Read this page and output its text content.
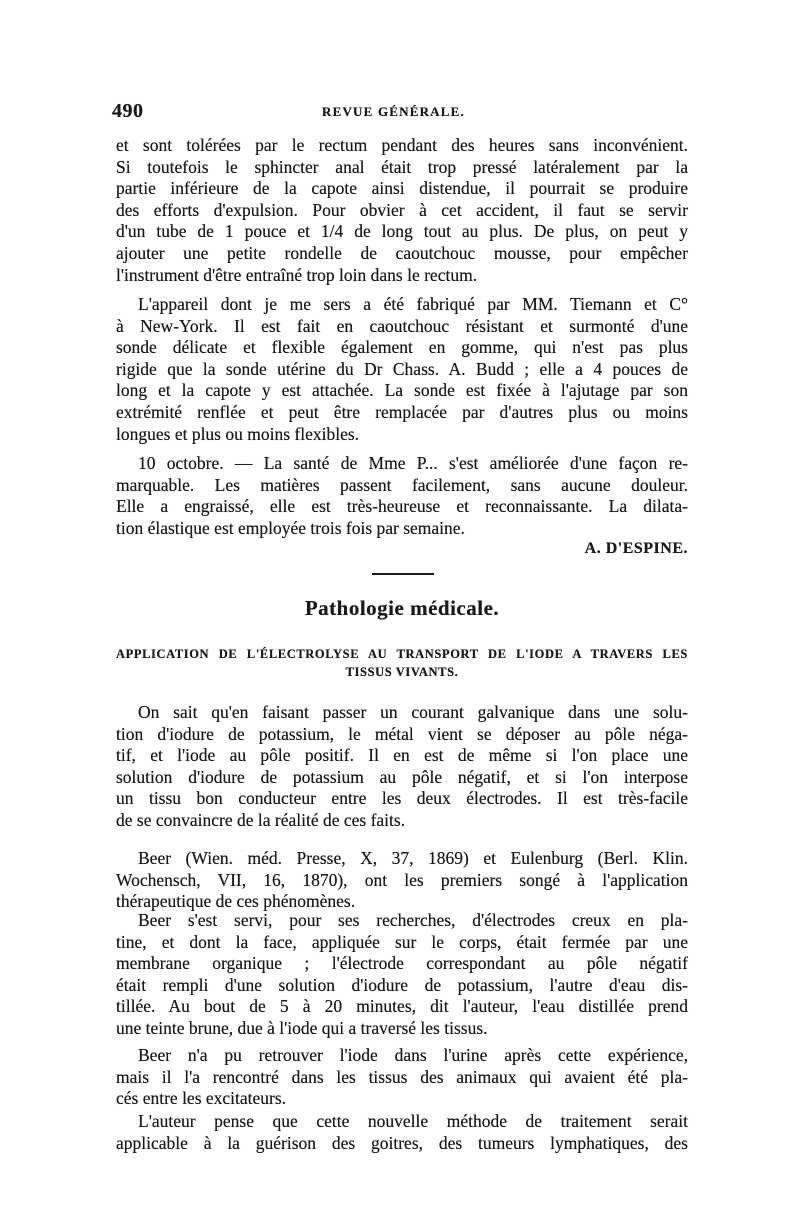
490	REVUE GÉNÉRALE.
et sont tolérées par le rectum pendant des heures sans inconvénient.
Si toutefois le sphincter anal était trop pressé latéralement par la
partie inférieure de la capote ainsi distendue, il pourrait se produire
des efforts d'expulsion. Pour obvier à cet accident, il faut se servir
d'un tube de 1 pouce et 1/4 de long tout au plus. De plus, on peut y
ajouter une petite rondelle de caoutchouc mousse, pour empêcher
l'instrument d'être entraîné trop loin dans le rectum.
L'appareil dont je me sers a été fabriqué par MM. Tiemann et C°
à New-York. Il est fait en caoutchouc résistant et surmonté d'une
sonde délicate et flexible également en gomme, qui n'est pas plus
rigide que la sonde utérine du Dr Chass. A. Budd ; elle a 4 pouces de
long et la capote y est attachée. La sonde est fixée à l'ajutage par son
extrémité renflée et peut être remplacée par d'autres plus ou moins
longues et plus ou moins flexibles.
10 octobre. — La santé de Mme P... s'est améliorée d'une façon re-
marquable. Les matières passent facilement, sans aucune douleur.
Elle a engraissé, elle est très-heureuse et reconnaissante. La dilata-
tion élastique est employée trois fois par semaine.
A. D'ESPINE.
Pathologie médicale.
APPLICATION DE L'ÉLECTROLYSE AU TRANSPORT DE L'IODE A TRAVERS LES
TISSUS VIVANTS.
On sait qu'en faisant passer un courant galvanique dans une solu-
tion d'iodure de potassium, le métal vient se déposer au pôle néga-
tif, et l'iode au pôle positif. Il en est de même si l'on place une
solution d'iodure de potassium au pôle négatif, et si l'on interpose
un tissu bon conducteur entre les deux électrodes. Il est très-facile
de se convaincre de la réalité de ces faits.
Beer (Wien. méd. Presse, X, 37, 1869) et Eulenburg (Berl. Klin.
Wochensch, VII, 16, 1870), ont les premiers songé à l'application
thérapeutique de ces phénomènes.
Beer s'est servi, pour ses recherches, d'électrodes creux en pla-
tine, et dont la face, appliquée sur le corps, était fermée par une
membrane organique ; l'électrode correspondant au pôle négatif
était rempli d'une solution d'iodure de potassium, l'autre d'eau dis-
tillée. Au bout de 5 à 20 minutes, dit l'auteur, l'eau distillée prend
une teinte brune, due à l'iode qui a traversé les tissus.
Beer n'a pu retrouver l'iode dans l'urine après cette expérience,
mais il l'a rencontré dans les tissus des animaux qui avaient été pla-
cés entre les excitateurs.
L'auteur pense que cette nouvelle méthode de traitement serait
applicable à la guérison des goitres, des tumeurs lymphatiques, des
